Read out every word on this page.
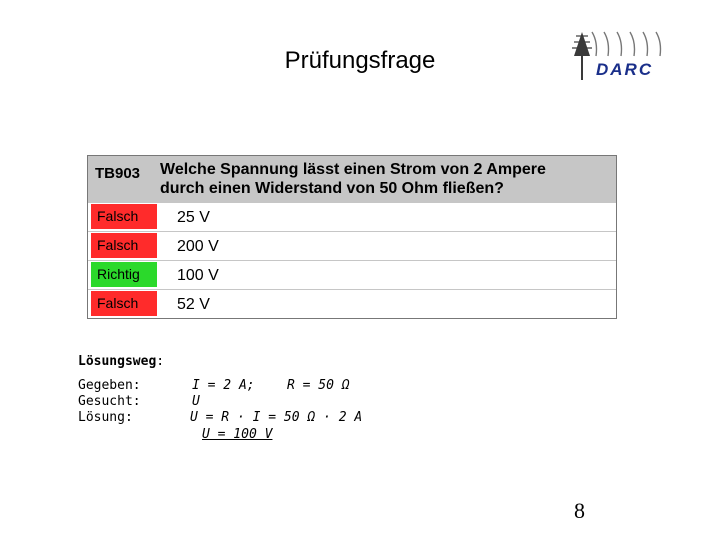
Prüfungsfrage	DARC
TB903 Welche Spannung lässt einen Strom von 2 Ampere
durch einen Widerstand von 50 Ohm fließen?
Falsch	25 V
Falsch	200 V
Richtig	100 V
Falsch	52 V
Lösungsweg:
Gegeben:	I = 2 A; R = 50 Ω
Gesucht:	U
Lösung:	U = R · I = 50 Ω · 2 A
U = 100 V
8
